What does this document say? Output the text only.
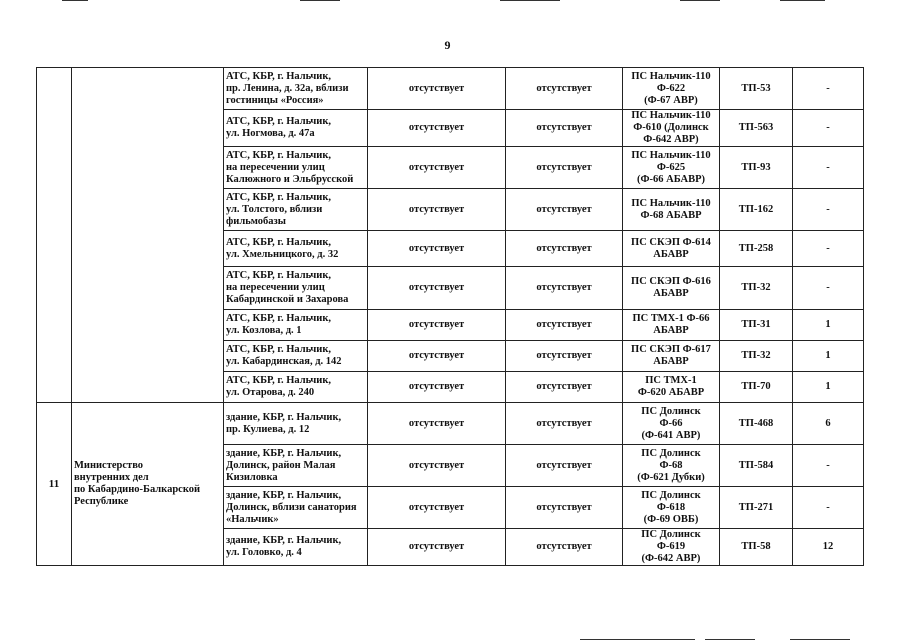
9

		АТС, КБР, г. Нальчик,
пр. Ленина, д. 32а, вблизи
гостиницы «Россия»	отсутствует	отсутствует	ПС Нальчик-110
Ф-622
(Ф-67 АВР)	ТП-53	-

		АТС, КБР, г. Нальчик,
ул. Ногмова, д. 47а	отсутствует	отсутствует	ПС Нальчик-110
Ф-610 (Долинск
Ф-642 АВР)	ТП-563	-

		АТС, КБР, г. Нальчик,
на пересечении улиц
Калюжного и Эльбрусской	отсутствует	отсутствует	ПС Нальчик-110
Ф-625
(Ф-66 АБАВР)	ТП-93	-

		АТС, КБР, г. Нальчик,
ул. Толстого, вблизи
фильмобазы	отсутствует	отсутствует	ПС Нальчик-110
Ф-68 АБАВР	ТП-162	-

		АТС, КБР, г. Нальчик,
ул. Хмельницкого, д. 32	отсутствует	отсутствует	ПС СКЭП Ф-614
АБАВР	ТП-258	-

		АТС, КБР, г. Нальчик,
на пересечении улиц
Кабардинской и Захарова	отсутствует	отсутствует	ПС СКЭП Ф-616
АБАВР	ТП-32	-

		АТС, КБР, г. Нальчик,
ул. Козлова, д. 1	отсутствует	отсутствует	ПС ТМХ-1 Ф-66
АБАВР	ТП-31	1

		АТС, КБР, г. Нальчик,
ул. Кабардинская, д. 142	отсутствует	отсутствует	ПС СКЭП Ф-617
АБАВР	ТП-32	1

		АТС, КБР, г. Нальчик,
ул. Отарова, д. 240	отсутствует	отсутствует	ПС ТМХ-1
Ф-620 АБАВР	ТП-70	1
11	Министерство
внутренних дел
по Кабардино-Балкарской
Республике	здание, КБР, г. Нальчик,
пр. Кулиева, д. 12	отсутствует	отсутствует	ПС Долинск
Ф-66
(Ф-641 АВР)	ТП-468	6

		здание, КБР, г. Нальчик,
Долинск, район Малая
Кизиловка	отсутствует	отсутствует	ПС Долинск
Ф-68
(Ф-621 Дубки)	ТП-584	-

		здание, КБР, г. Нальчик,
Долинск, вблизи санатория
«Нальчик»	отсутствует	отсутствует	ПС Долинск
Ф-618
(Ф-69 ОВБ)	ТП-271	-

		здание, КБР, г. Нальчик,
ул. Головко, д. 4	отсутствует	отсутствует	ПС Долинск
Ф-619
(Ф-642 АВР)	ТП-58	12
